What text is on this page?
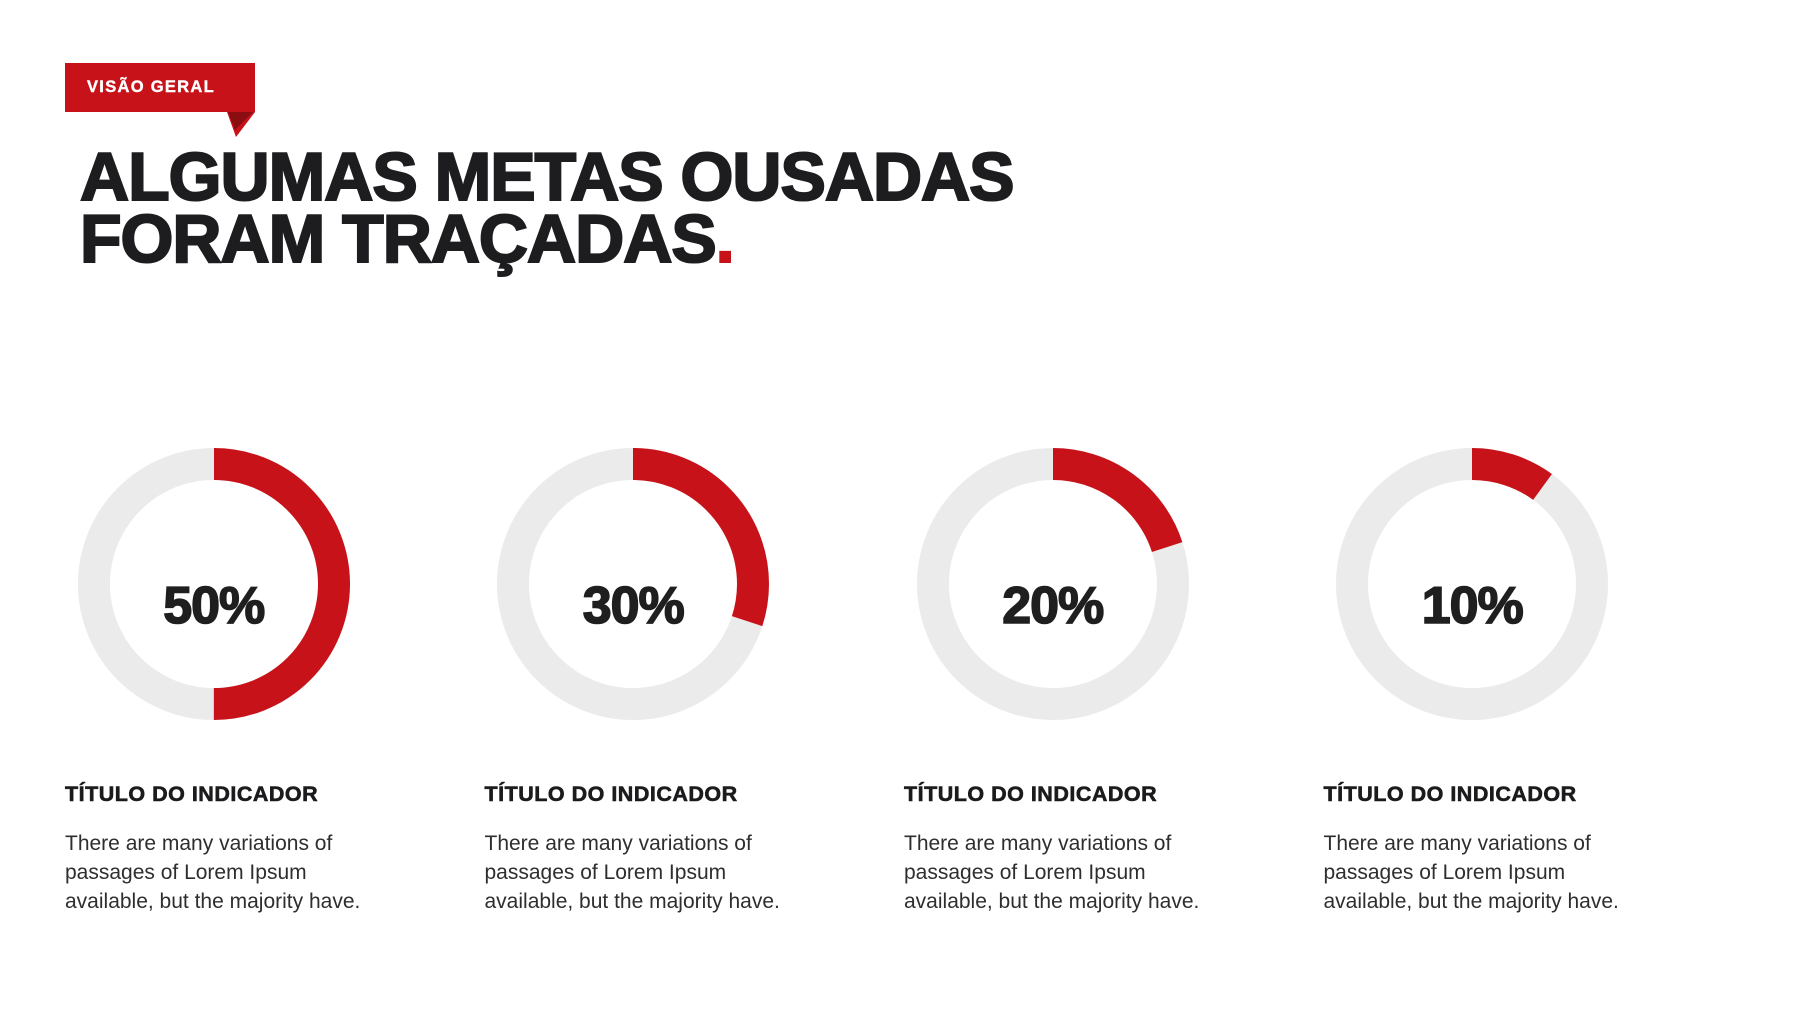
VISÃO GERAL
ALGUMAS METAS OUSADAS
FORAM TRAÇADAS.
50%
TÍTULO DO INDICADOR

There are many variations of passages of Lorem Ipsum available, but the majority have.

30%
TÍTULO DO INDICADOR

There are many variations of passages of Lorem Ipsum available, but the majority have.

20%
TÍTULO DO INDICADOR

There are many variations of passages of Lorem Ipsum available, but the majority have.

10%
TÍTULO DO INDICADOR

There are many variations of passages of Lorem Ipsum available, but the majority have.
